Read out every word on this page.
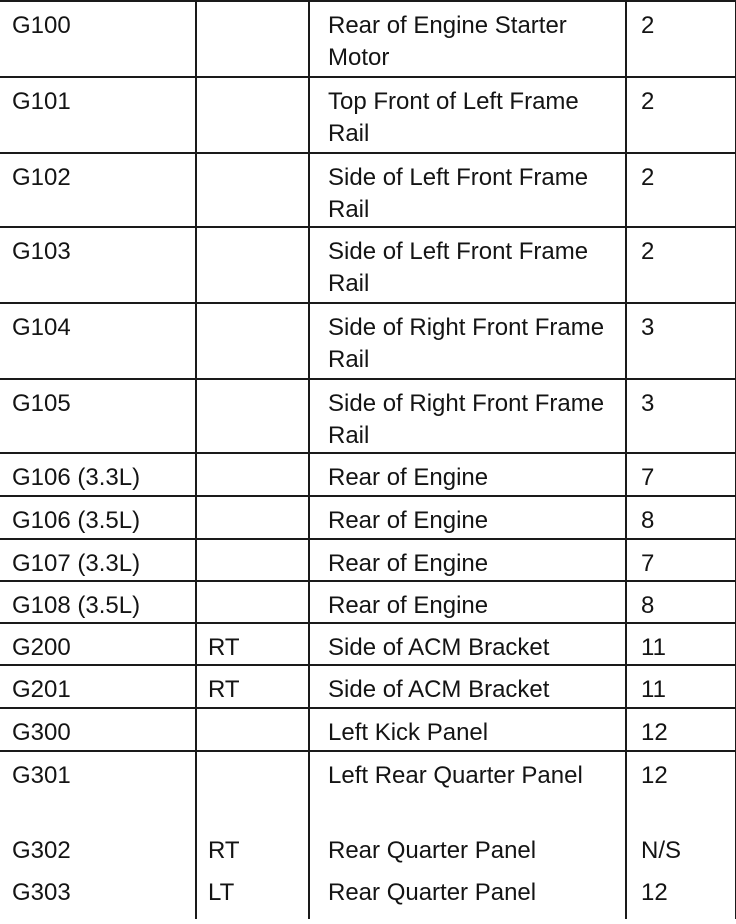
G100		Rear of Engine Starter Motor	2
G101		Top Front of Left Frame Rail	2
G102		Side of Left Front Frame Rail	2
G103		Side of Left Front Frame Rail	2
G104		Side of Right Front Frame Rail	3
G105		Side of Right Front Frame Rail	3
G106 (3.3L)		Rear of Engine	7
G106 (3.5L)		Rear of Engine	8
G107 (3.3L)		Rear of Engine	7
G108 (3.5L)		Rear of Engine	8
G200	RT	Side of ACM Bracket	11
G201	RT	Side of ACM Bracket	11
G300		Left Kick Panel	12
G301		Left Rear Quarter Panel	12
G302	RT	Rear Quarter Panel	N/S
G303	LT	Rear Quarter Panel	12
